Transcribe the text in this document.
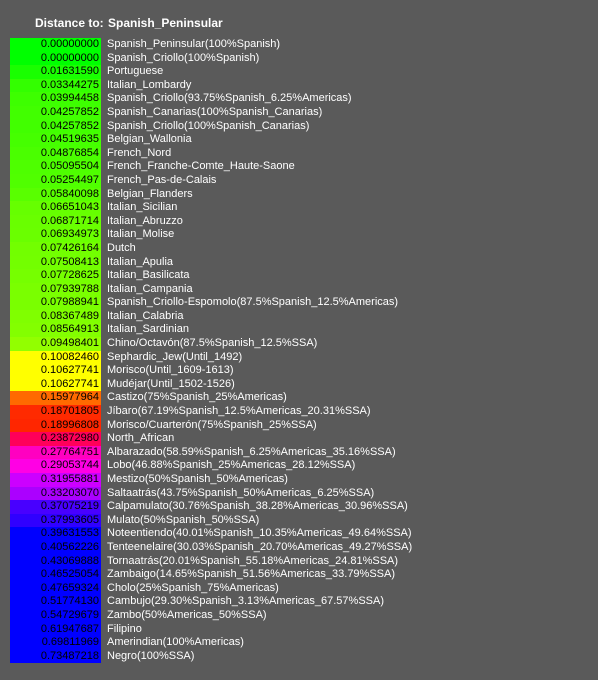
Distance to: Spanish_Peninsular
0.00000000 Spanish_Peninsular(100%Spanish)
0.00000000 Spanish_Criollo(100%Spanish)
0.01631590 Portuguese
0.03344275 Italian_Lombardy
0.03994458 Spanish_Criollo(93.75%Spanish_6.25%Americas)
0.04257852 Spanish_Canarias(100%Spanish_Canarias)
0.04257852 Spanish_Criollo(100%Spanish_Canarias)
0.04519635 Belgian_Wallonia
0.04876854 French_Nord
0.05095504 French_Franche-Comte_Haute-Saone
0.05254497 French_Pas-de-Calais
0.05840098 Belgian_Flanders
0.06651043 Italian_Sicilian
0.06871714 Italian_Abruzzo
0.06934973 Italian_Molise
0.07426164 Dutch
0.07508413 Italian_Apulia
0.07728625 Italian_Basilicata
0.07939788 Italian_Campania
0.07988941 Spanish_Criollo-Espomolo(87.5%Spanish_12.5%Americas)
0.08367489 Italian_Calabria
0.08564913 Italian_Sardinian
0.09498401 Chino/Octavón(87.5%Spanish_12.5%SSA)
0.10082460 Sephardic_Jew(Until_1492)
0.10627741 Morisco(Until_1609-1613)
0.10627741 Mudéjar(Until_1502-1526)
0.15977964 Castizo(75%Spanish_25%Americas)
0.18701805 Jíbaro(67.19%Spanish_12.5%Americas_20.31%SSA)
0.18996808 Morisco/Cuarterón(75%Spanish_25%SSA)
0.23872980 North_African
0.27764751 Albarazado(58.59%Spanish_6.25%Americas_35.16%SSA)
0.29053744 Lobo(46.88%Spanish_25%Americas_28.12%SSA)
0.31955881 Mestizo(50%Spanish_50%Americas)
0.33203070 Saltaatrás(43.75%Spanish_50%Americas_6.25%SSA)
0.37075219 Calpamulato(30.76%Spanish_38.28%Americas_30.96%SSA)
0.37993605 Mulato(50%Spanish_50%SSA)
0.39631553 Noteentiendo(40.01%Spanish_10.35%Americas_49.64%SSA)
0.40562226 Tenteenelaire(30.03%Spanish_20.70%Americas_49.27%SSA)
0.43069888 Tornaatrás(20.01%Spanish_55.18%Americas_24.81%SSA)
0.46525054 Zambaigo(14.65%Spanish_51.56%Americas_33.79%SSA)
0.47659324 Cholo(25%Spanish_75%Americas)
0.51774130 Cambujo(29.30%Spanish_3.13%Americas_67.57%SSA)
0.54729679 Zambo(50%Americas_50%SSA)
0.61947687 Filipino
0.69811969 Amerindian(100%Americas)
0.73487218 Negro(100%SSA)
